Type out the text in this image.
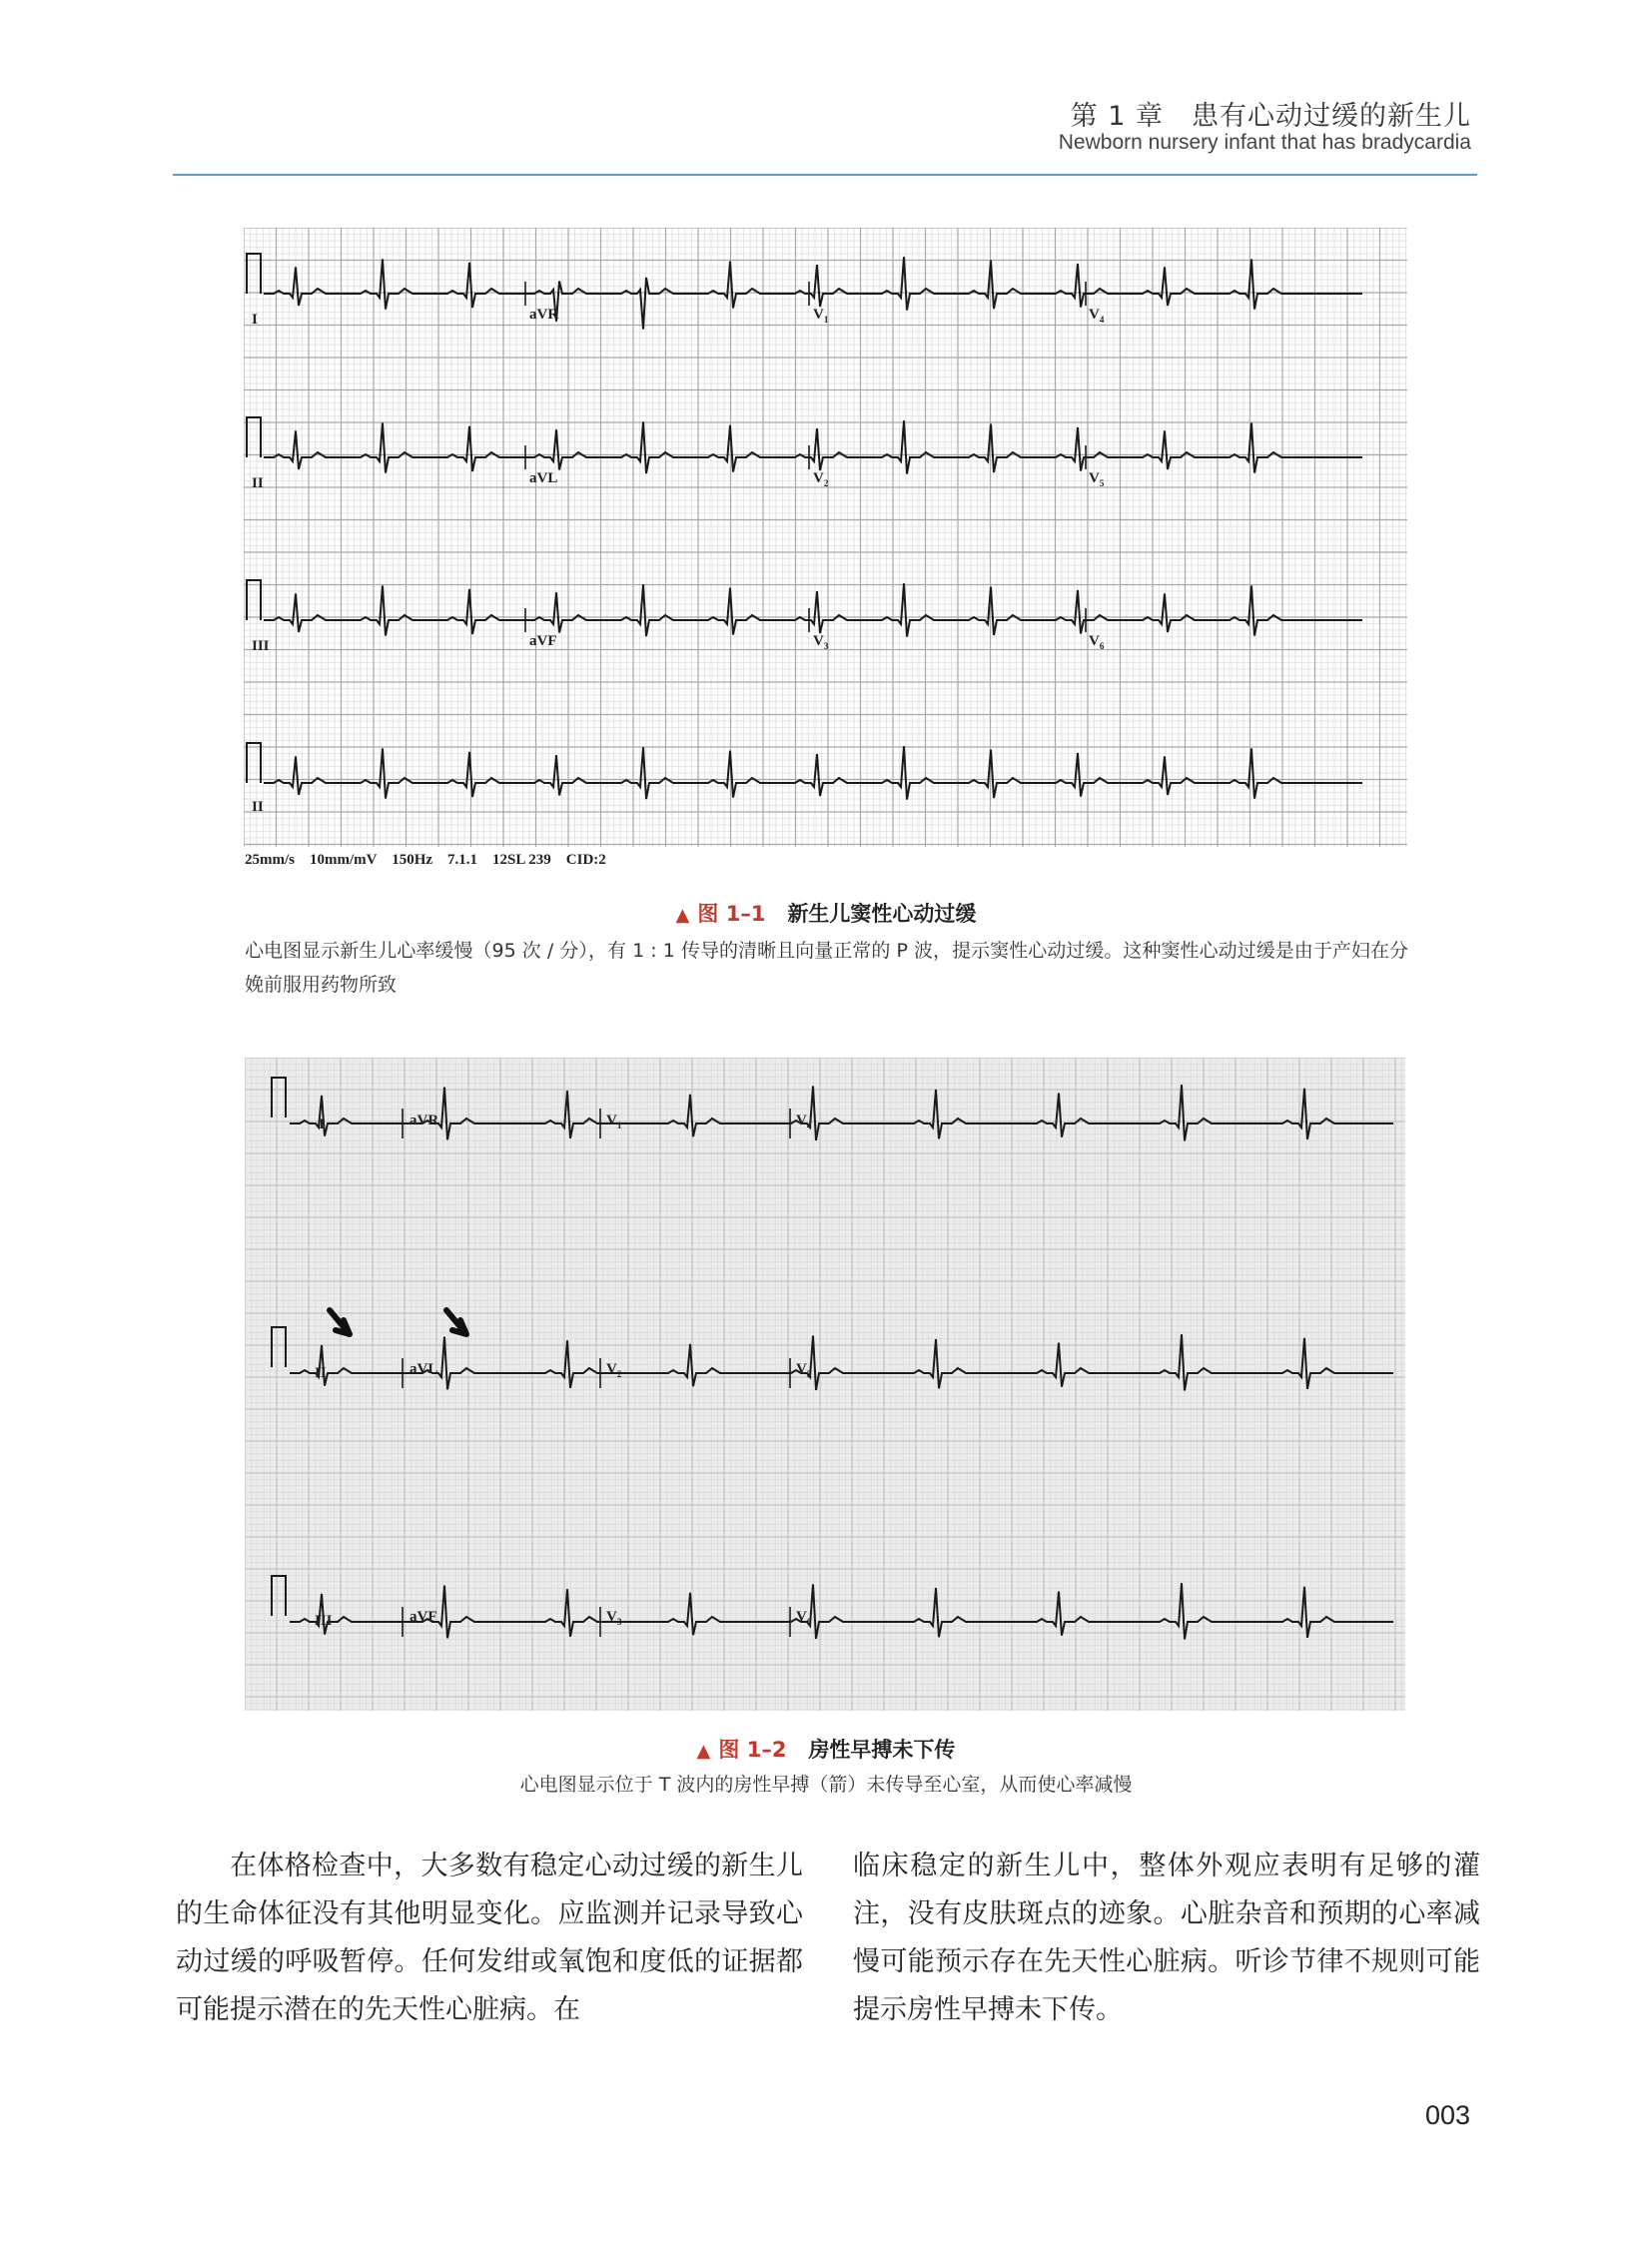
第 1 章　患有心动过缓的新生儿
Newborn nursery infant that has bradycardia
I	aVR	$V_1$	$V_4$
II	aVL	$V_2$	$V_5$
III	aVF	$V_3$	$V_6$
II
25mm/s    10mm/mV    150Hz    7.1.1    12SL 239    CID:2
▲ 图 1–1 新生儿窦性心动过缓
心电图显示新生儿心率缓慢（95 次 / 分），有 1 : 1 传导的清晰且向量正常的 P 波，提示窦性心动过缓。这种窦性心动过缓是由于产妇在分娩前服用药物所致
I	aVR	$V_1$	$V_4$
II	aVL	$V_2$	$V_5$
III	aVF	$V_3$	$V_6$
▲ 图 1–2 房性早搏未下传
心电图显示位于 T 波内的房性早搏（箭）未传导至心室，从而使心率减慢
在体格检查中，大多数有稳定心动过缓的新生儿的生命体征没有其他明显变化。应监测并记录导致心动过缓的呼吸暂停。任何发绀或氧饱和度低的证据都可能提示潜在的先天性心脏病。在
临床稳定的新生儿中，整体外观应表明有足够的灌注，没有皮肤斑点的迹象。心脏杂音和预期的心率减慢可能预示存在先天性心脏病。听诊节律不规则可能提示房性早搏未下传。
003
